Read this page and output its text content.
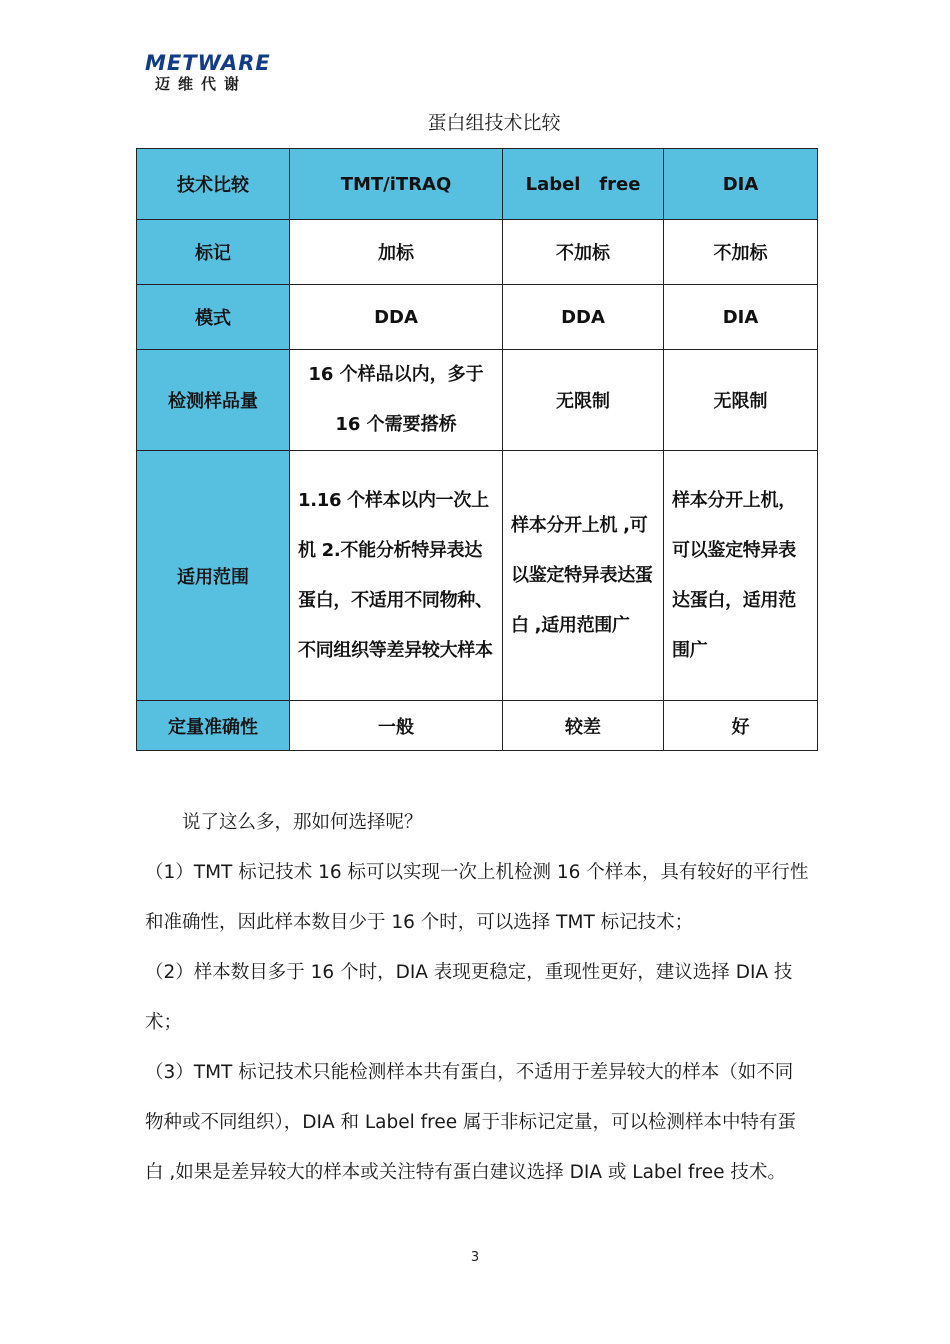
METWARE
迈维代谢
蛋白组技术比较
技术比较	TMT/iTRAQ	Label   free	DIA
标记	加标	不加标	不加标
模式	DDA	DDA	DIA
检测样品量	16 个样品以内，多于 16 个需要搭桥	无限制	无限制
适用范围	1.16 个样本以内一次上机 2.不能分析特异表达蛋白，不适用不同物种、不同组织等差异较大样本	样本分开上机 ,可以鉴定特异表达蛋白 ,适用范围广	样本分开上机，可以鉴定特异表达蛋白，适用范围广
定量准确性	一般	较差	好

说了这么多，那如何选择呢？

（1）TMT 标记技术 16 标可以实现一次上机检测 16 个样本，具有较好的平行性和准确性，因此样本数目少于 16 个时，可以选择 TMT 标记技术；

（2）样本数目多于 16 个时，DIA 表现更稳定，重现性更好，建议选择 DIA 技术；

（3）TMT 标记技术只能检测样本共有蛋白，不适用于差异较大的样本（如不同物种或不同组织），DIA 和 Label free 属于非标记定量，可以检测样本中特有蛋白 ,如果是差异较大的样本或关注特有蛋白建议选择 DIA 或 Label free 技术。

3
